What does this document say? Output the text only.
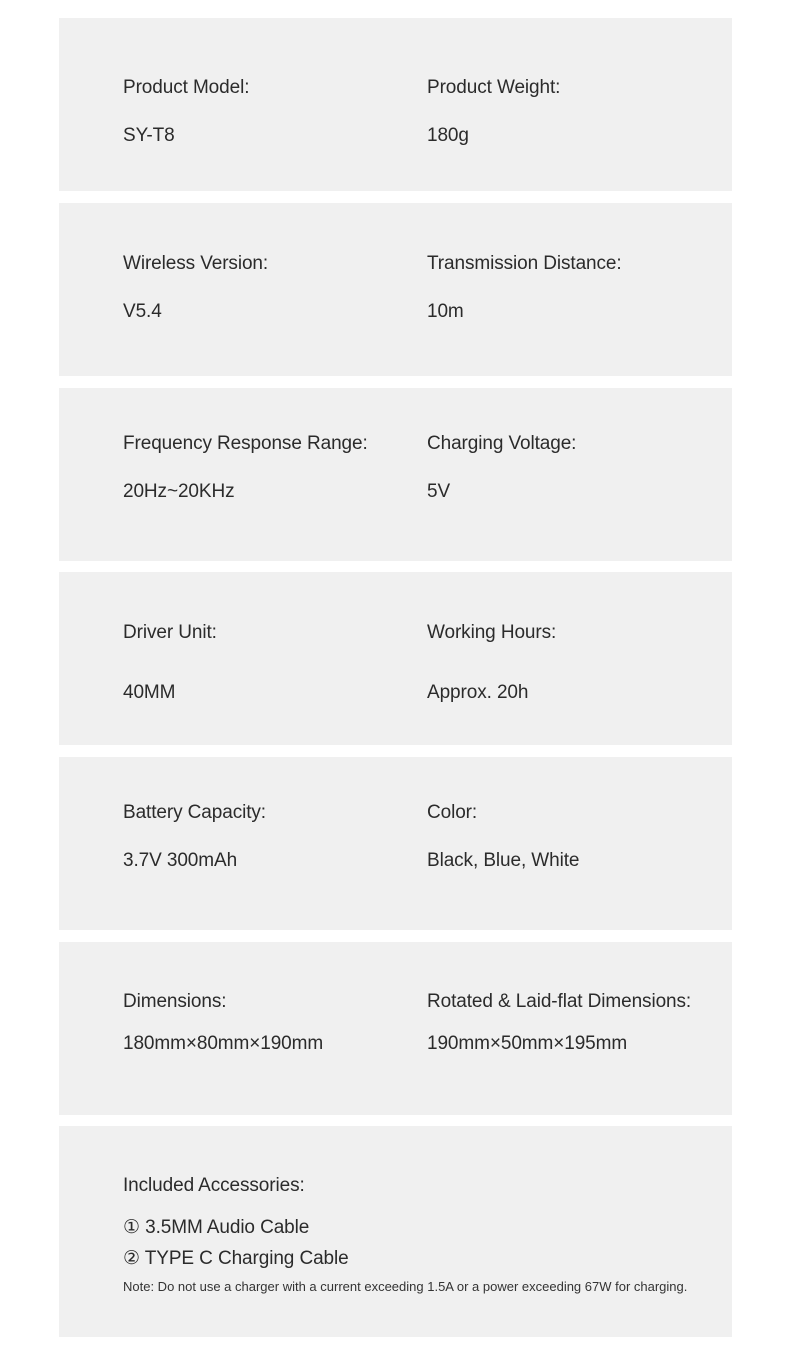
Product Model:
SY-T8
Product Weight:
180g
Wireless Version:
V5.4
Transmission Distance:
10m
Frequency Response Range:
20Hz~20KHz
Charging Voltage:
5V
Driver Unit:
40MM
Working Hours:
Approx. 20h
Battery Capacity:
3.7V 300mAh
Color:
Black, Blue, White
Dimensions:
180mm×80mm×190mm
Rotated & Laid-flat Dimensions:
190mm×50mm×195mm
Included Accessories:
① 3.5MM Audio Cable
② TYPE C Charging Cable
Note: Do not use a charger with a current exceeding 1.5A or a power exceeding 67W for charging.
